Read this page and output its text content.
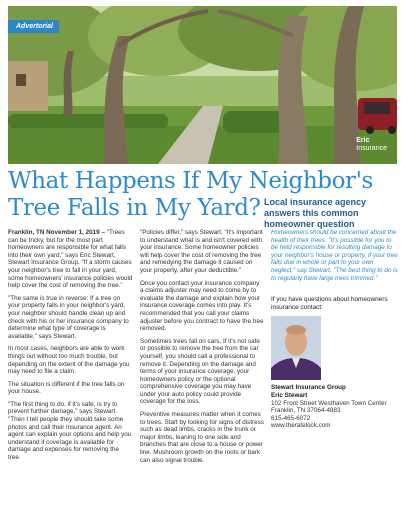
Advertorial
Eric
Insurance
What Happens If My Neighbor's
Tree Falls in My Yard? Local insurance agency answers this common homeowner question

Franklin, TN November 1, 2019 – "Trees can be tricky, but for the most part homeowners are responsible for what falls into their own yard," says Eric Stewart, Stewart Insurance Group. "If a storm causes your neighbor's tree to fall in your yard, some homeowners' insurance policies would help cover the cost of removing the tree."

"The same is true in reverse: If a tree on your property falls in your neighbor's yard, your neighbor should handle clean up and check with his or her insurance company to determine what type of coverage is available," says Stewart.

In most cases, neighbors are able to work things out without too much trouble, but depending on the extent of the damage you may need to file a claim.

The situation is different if the tree falls on your house.

"The first thing to do, if it's safe, is try to prevent further damage," says Stewart. "Then I tell people they should take some photos and call their insurance agent. An agent can explain your options and help you understand if coverage is available for damage and expenses for removing the tree.

"Policies differ," says Stewart. "It's important to understand what is and isn't covered with your insurance. Some homeowner policies will help cover the cost of removing the tree and remedying the damage it caused on your property, after your deductible."

Once you contact your insurance company a claims adjuster may need to come by to evaluate the damage and explain how your insurance coverage comes into play. It's recommended that you call your claims adjuster before you contract to have the tree removed.

Sometimes trees fall on cars. If it's not safe or possible to remove the tree from the car yourself, you should call a professional to remove it. Depending on the damage and terms of your insurance coverage, your homeowners policy or the optional comprehensive coverage you may have under your auto policy could provide coverage for the loss.

Preventive measures matter when it comes to trees. Start by looking for signs of distress such as dead limbs, cracks in the trunk or major limbs, leaning to one side and branches that are close to a house or power line. Mushroom growth on the roots or bark can also signal trouble.

Homeowners should be concerned about the health of their trees. "It's possible for you to be held responsible for resulting damage to your neighbor's house or property, if your tree falls due in whole or part to your own neglect," say Stewart. "The best thing to do is to regularly have large trees trimmed."

If you have questions about homeowners insurance contact:

Stewart Insurance Group
Eric Stewart
102 Front Street Westhaven Town Center
Franklin, TN 37064-4883
615-465-6072
www.theratelock.com
